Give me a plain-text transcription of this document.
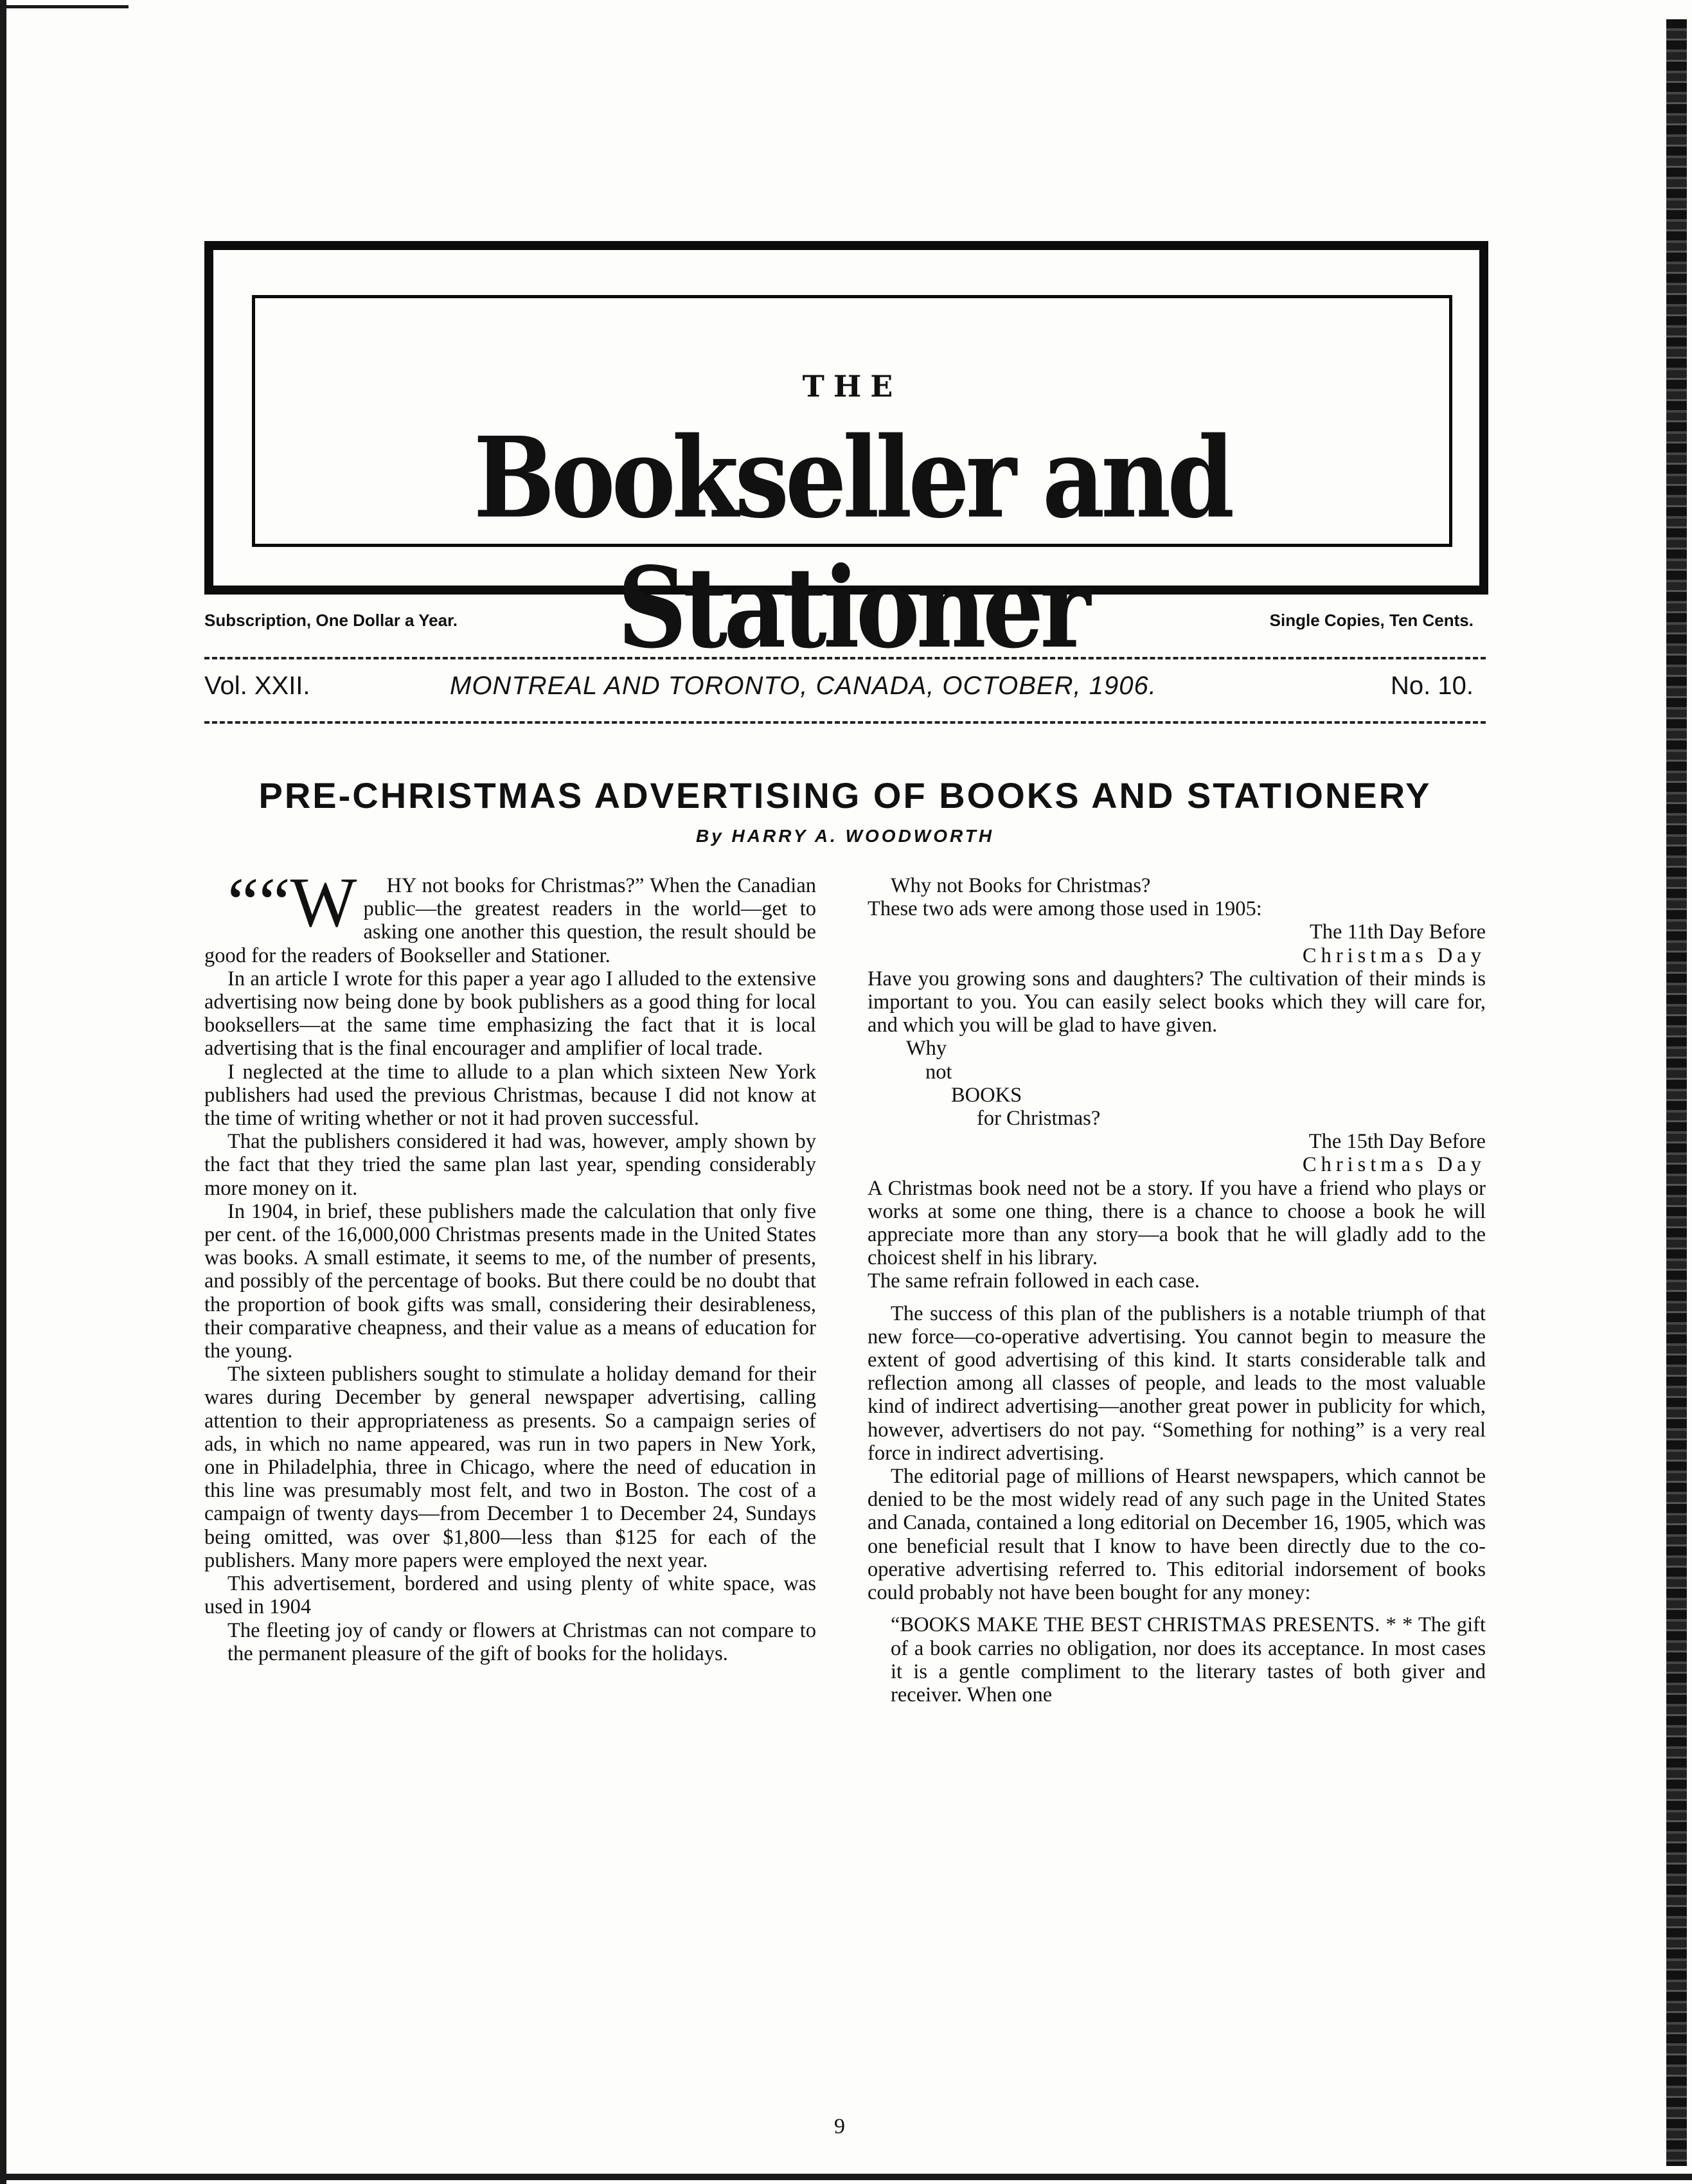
THE
Bookseller and Stationer
Subscription, One Dollar a Year.	Single Copies, Ten Cents.
Vol. XXII.	MONTREAL AND TORONTO, CANADA, OCTOBER, 1906.	No. 10.
PRE-CHRISTMAS ADVERTISING OF BOOKS AND STATIONERY
By HARRY A. WOODWORTH

““W HY not books for Christmas?” When the Canadian public—the greatest readers in the world—get to asking one another this question, the result should be good for the readers of Bookseller and Stationer.

In an article I wrote for this paper a year ago I alluded to the extensive advertising now being done by book publishers as a good thing for local booksellers—at the same time emphasizing the fact that it is local advertising that is the final encourager and amplifier of local trade.

I neglected at the time to allude to a plan which sixteen New York publishers had used the previous Christmas, because I did not know at the time of writing whether or not it had proven successful.

That the publishers considered it had was, however, amply shown by the fact that they tried the same plan last year, spending considerably more money on it.

In 1904, in brief, these publishers made the calculation that only five per cent. of the 16,000,000 Christmas presents made in the United States was books. A small estimate, it seems to me, of the number of presents, and possibly of the percentage of books. But there could be no doubt that the proportion of book gifts was small, considering their desirableness, their comparative cheapness, and their value as a means of education for the young.

The sixteen publishers sought to stimulate a holiday demand for their wares during December by general newspaper advertising, calling attention to their appropriateness as presents. So a campaign series of ads, in which no name appeared, was run in two papers in New York, one in Philadelphia, three in Chicago, where the need of education in this line was presumably most felt, and two in Boston. The cost of a campaign of twenty days—from December 1 to December 24, Sundays being omitted, was over $1,800—less than $125 for each of the publishers. Many more papers were employed the next year.

This advertisement, bordered and using plenty of white space, was used in 1904

The fleeting joy of candy or flowers at Christmas can not compare to the permanent pleasure of the gift of books for the holidays.

Why not Books for Christmas?

These two ads were among those used in 1905:

The 11th Day Before

Christmas Day

Have you growing sons and daughters? The cultivation of their minds is important to you. You can easily select books which they will care for, and which you will be glad to have given.

Why

not

BOOKS

for Christmas?

The 15th Day Before

Christmas Day

A Christmas book need not be a story. If you have a friend who plays or works at some one thing, there is a chance to choose a book he will appreciate more than any story—a book that he will gladly add to the choicest shelf in his library.

The same refrain followed in each case.

The success of this plan of the publishers is a notable triumph of that new force—co-operative advertising. You cannot begin to measure the extent of good advertising of this kind. It starts considerable talk and reflection among all classes of people, and leads to the most valuable kind of indirect advertising—another great power in publicity for which, however, advertisers do not pay. “Something for nothing” is a very real force in indirect advertising.

The editorial page of millions of Hearst newspapers, which cannot be denied to be the most widely read of any such page in the United States and Canada, contained a long editorial on December 16, 1905, which was one beneficial result that I know to have been directly due to the co-operative advertising referred to. This editorial indorsement of books could probably not have been bought for any money:

“BOOKS MAKE THE BEST CHRISTMAS PRESENTS. * * The gift of a book carries no obligation, nor does its acceptance. In most cases it is a gentle compliment to the literary tastes of both giver and receiver. When one

9
